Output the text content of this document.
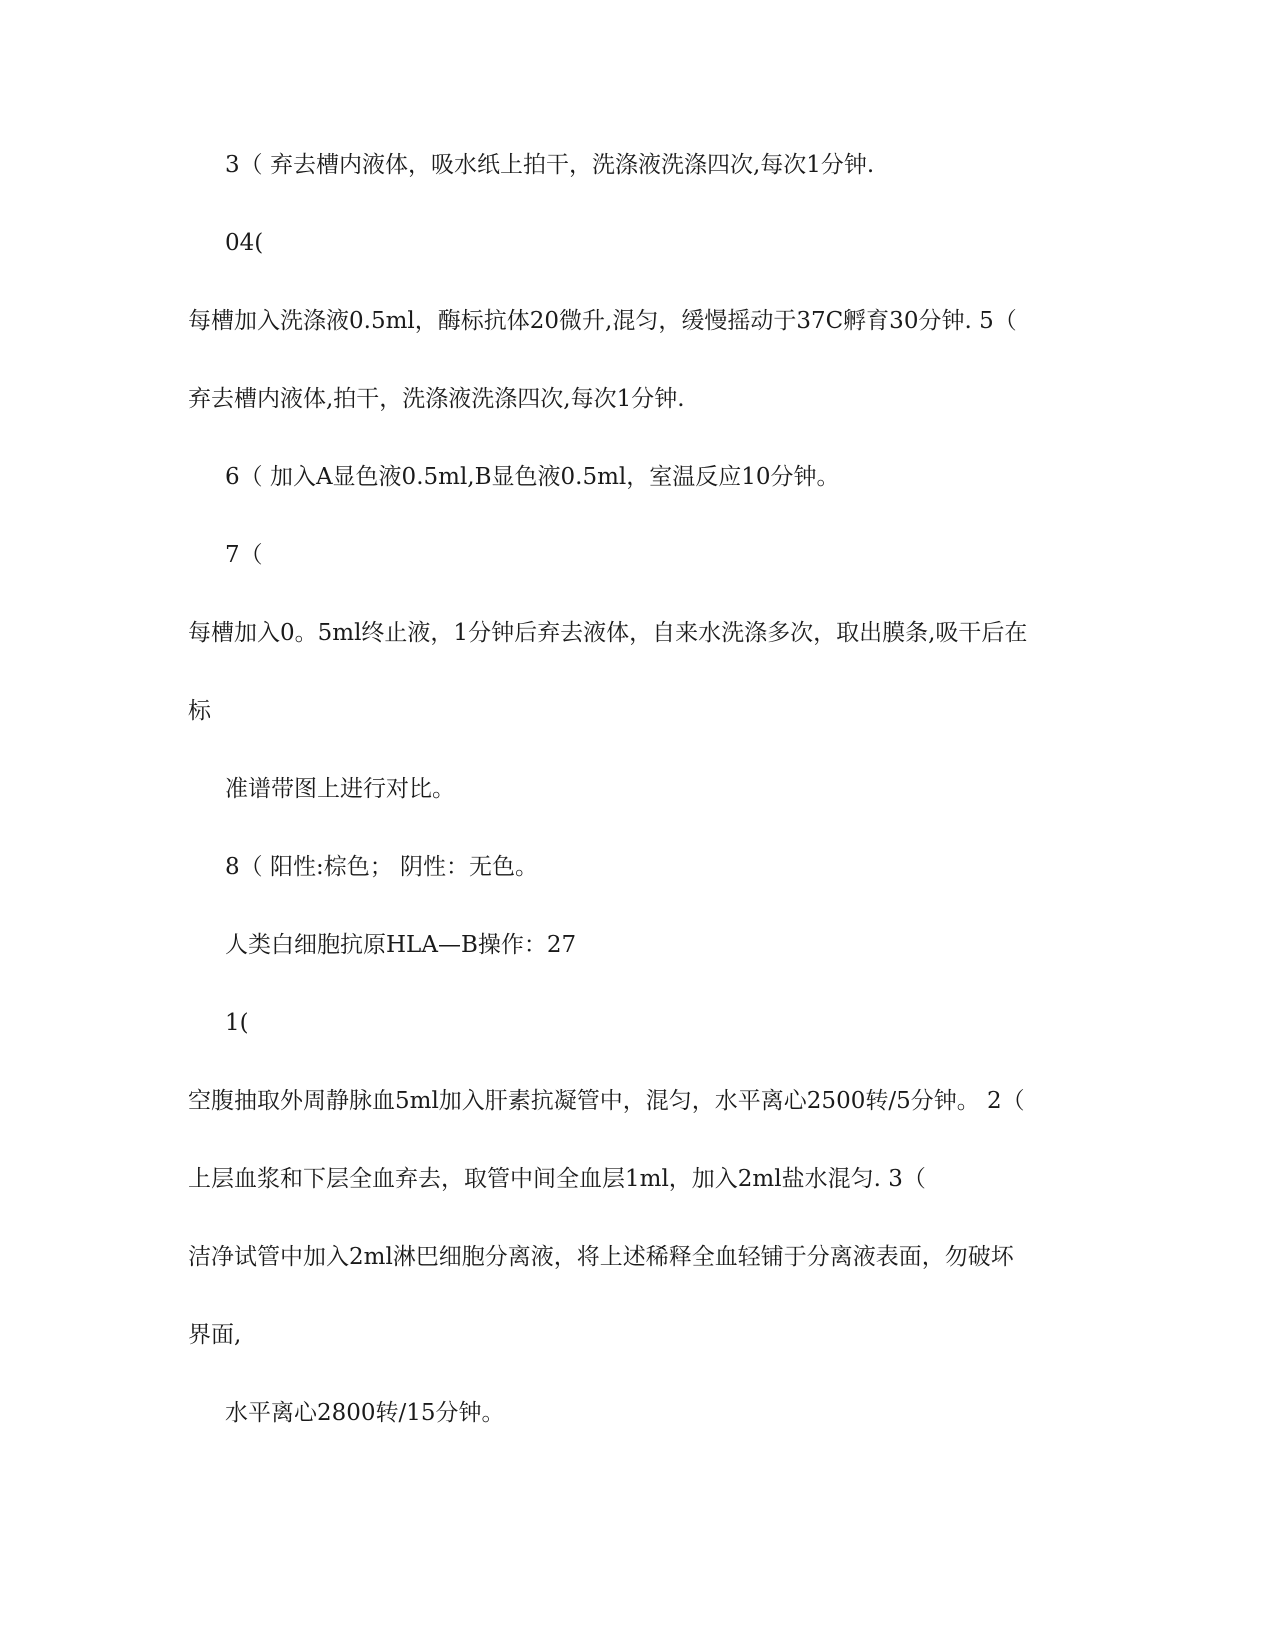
3（ 弃去槽内液体，吸水纸上拍干，洗涤液洗涤四次,每次1分钟.
04(
每槽加入洗涤液0.5ml，酶标抗体20微升,混匀，缓慢摇动于37C孵育30分钟. 5（
弃去槽内液体,拍干，洗涤液洗涤四次,每次1分钟.
6（ 加入A显色液0.5ml,B显色液0.5ml，室温反应10分钟。
7（
每槽加入0。5ml终止液，1分钟后弃去液体，自来水洗涤多次，取出膜条,吸干后在
标
准谱带图上进行对比。
8（ 阳性:棕色； 阴性：无色。
人类白细胞抗原HLA—B操作：27
1(
空腹抽取外周静脉血5ml加入肝素抗凝管中，混匀，水平离心2500转/5分钟。 2（
上层血浆和下层全血弃去，取管中间全血层1ml，加入2ml盐水混匀. 3（
洁净试管中加入2ml淋巴细胞分离液，将上述稀释全血轻铺于分离液表面，勿破坏
界面,
水平离心2800转/15分钟。
